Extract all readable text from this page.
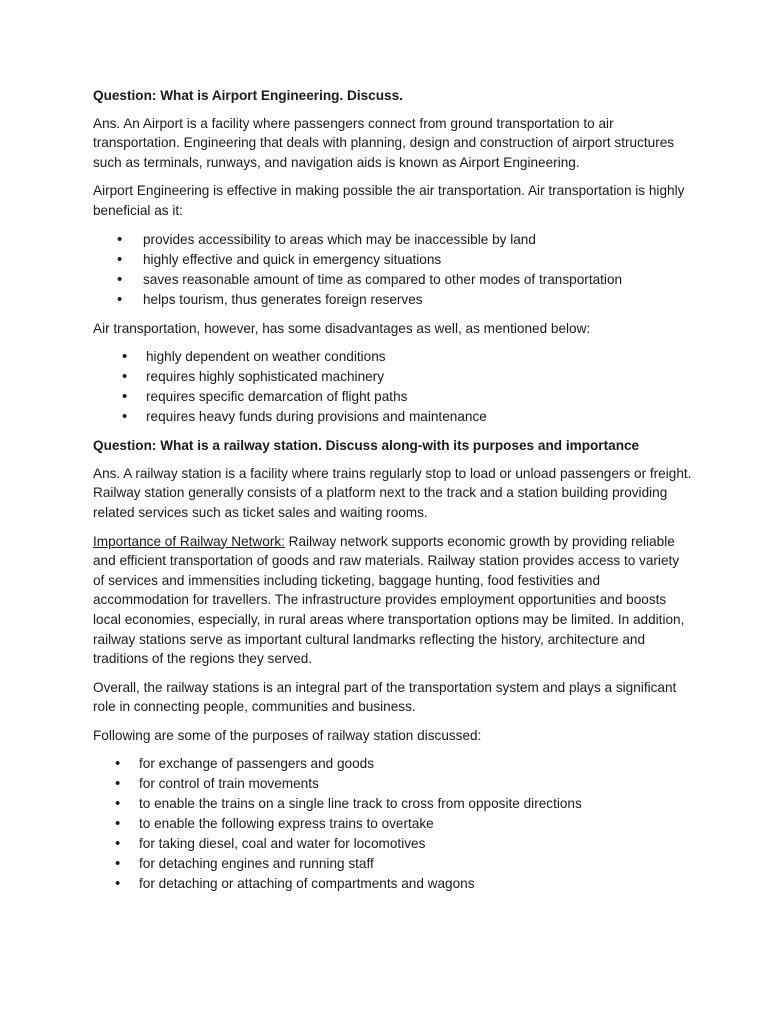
Question: What is Airport Engineering. Discuss.

Ans. An Airport is a facility where passengers connect from ground transportation to air transportation. Engineering that deals with planning, design and construction of airport structures such as terminals, runways, and navigation aids is known as Airport Engineering.

Airport Engineering is effective in making possible the air transportation. Air transportation is highly beneficial as it:

• provides accessibility to areas which may be inaccessible by land
• highly effective and quick in emergency situations
• saves reasonable amount of time as compared to other modes of transportation
• helps tourism, thus generates foreign reserves

Air transportation, however, has some disadvantages as well, as mentioned below:

• highly dependent on weather conditions
• requires highly sophisticated machinery
• requires specific demarcation of flight paths
• requires heavy funds during provisions and maintenance

Question: What is a railway station. Discuss along-with its purposes and importance

Ans. A railway station is a facility where trains regularly stop to load or unload passengers or freight. Railway station generally consists of a platform next to the track and a station building providing related services such as ticket sales and waiting rooms.

Importance of Railway Network: Railway network supports economic growth by providing reliable and efficient transportation of goods and raw materials. Railway station provides access to variety of services and immensities including ticketing, baggage hunting, food festivities and accommodation for travellers. The infrastructure provides employment opportunities and boosts local economies, especially, in rural areas where transportation options may be limited. In addition, railway stations serve as important cultural landmarks reflecting the history, architecture and traditions of the regions they served.

Overall, the railway stations is an integral part of the transportation system and plays a significant role in connecting people, communities and business.

Following are some of the purposes of railway station discussed:

• for exchange of passengers and goods
• for control of train movements
• to enable the trains on a single line track to cross from opposite directions
• to enable the following express trains to overtake
• for taking diesel, coal and water for locomotives
• for detaching engines and running staff
• for detaching or attaching of compartments and wagons
